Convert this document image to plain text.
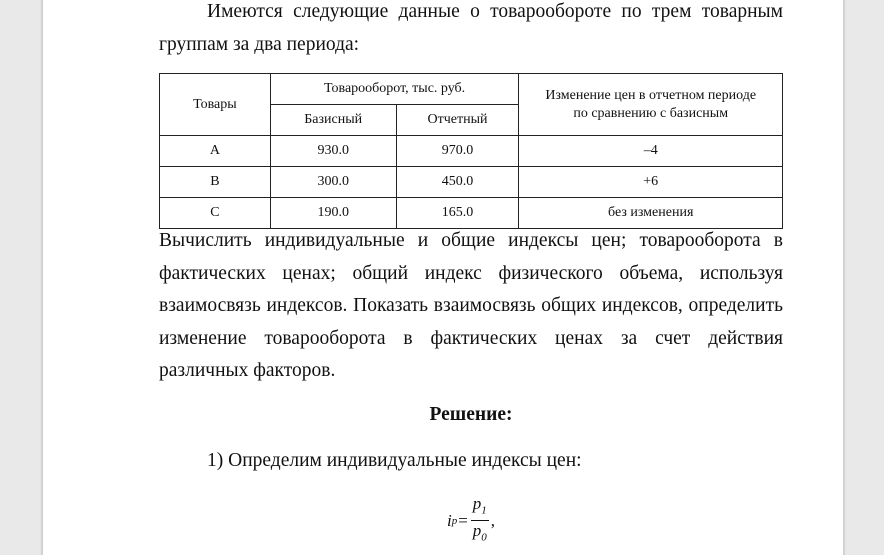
Имеются следующие данные о товарообороте по трем товарным группам за два периода:

Товары	Товарооборот, тыс. руб.		Изменение цен в отчетном периоде по сравнению с базисным
	Базисный	Отчетный	
А	930.0	970.0	–4
В	300.0	450.0	+6
С	190.0	165.0	без изменения

Вычислить индивидуальные и общие индексы цен; товарооборота в фактических ценах; общий индекс физического объема, используя взаимосвязь индексов. Показать взаимосвязь общих индексов, определить изменение товарооборота в фактических ценах за счет действия различных факторов.

Решение:
1) Определим индивидуальные индексы цен:
i $p = \frac{p_1}{p_0}$ ,
